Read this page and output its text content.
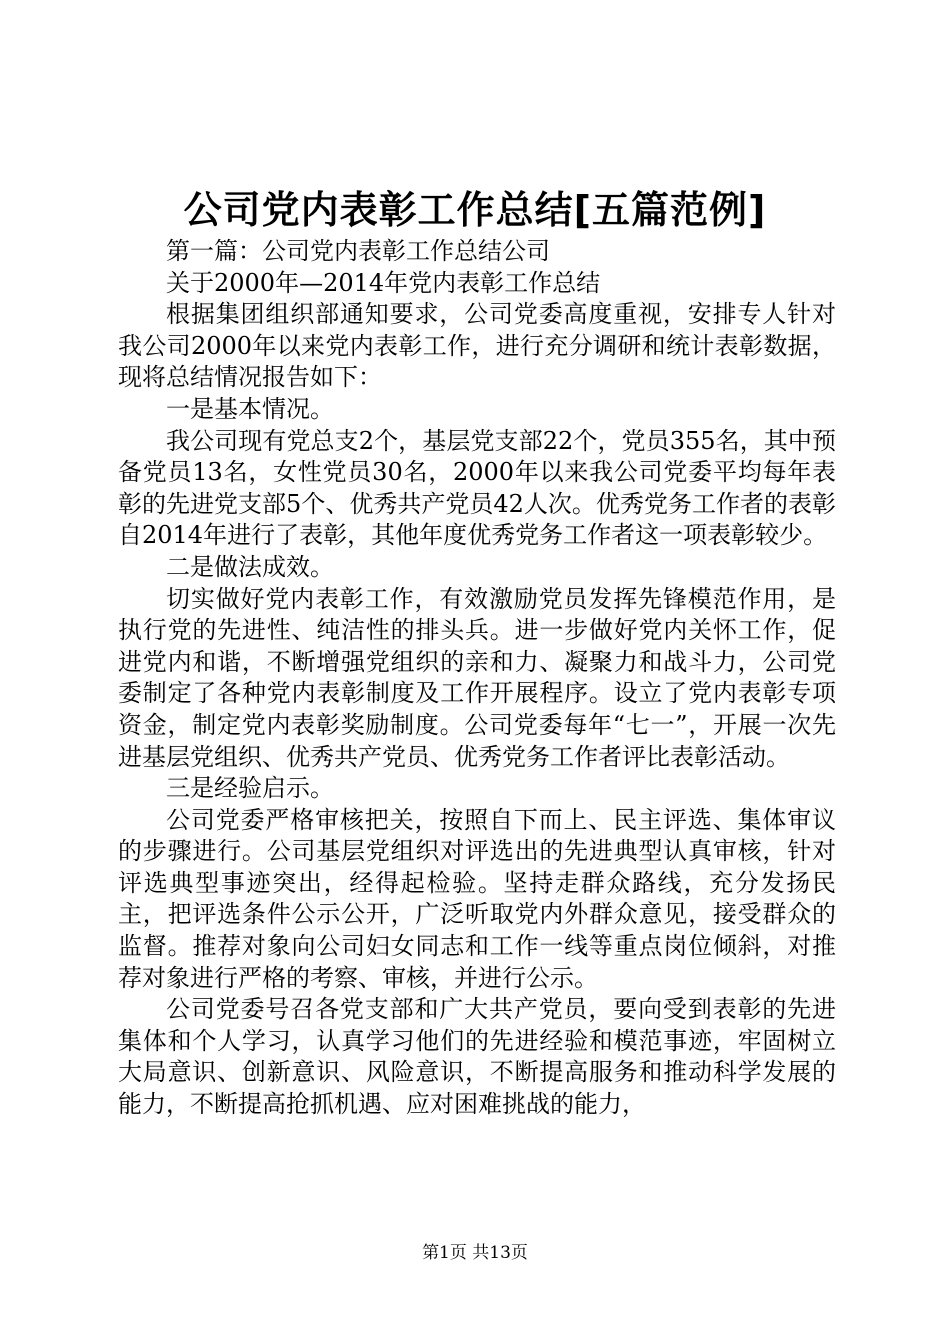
公司党内表彰工作总结[五篇范例]

第一篇：公司党内表彰工作总结公司

关于2000年—2014年党内表彰工作总结

根据集团组织部通知要求，公司党委高度重视，安排专人针对我公司2000年以来党内表彰工作，进行充分调研和统计表彰数据，现将总结情况报告如下：

一是基本情况。

我公司现有党总支2个，基层党支部22个，党员355名，其中预备党员13名，女性党员30名，2000年以来我公司党委平均每年表彰的先进党支部5个、优秀共产党员42人次。优秀党务工作者的表彰自2014年进行了表彰，其他年度优秀党务工作者这一项表彰较少。

二是做法成效。

切实做好党内表彰工作，有效激励党员发挥先锋模范作用，是执行党的先进性、纯洁性的排头兵。进一步做好党内关怀工作，促进党内和谐，不断增强党组织的亲和力、凝聚力和战斗力，公司党委制定了各种党内表彰制度及工作开展程序。设立了党内表彰专项资金，制定党内表彰奖励制度。公司党委每年“七一”，开展一次先进基层党组织、优秀共产党员、优秀党务工作者评比表彰活动。

三是经验启示。

公司党委严格审核把关，按照自下而上、民主评选、集体审议的步骤进行。公司基层党组织对评选出的先进典型认真审核，针对评选典型事迹突出，经得起检验。坚持走群众路线，充分发扬民主，把评选条件公示公开，广泛听取党内外群众意见，接受群众的监督。推荐对象向公司妇女同志和工作一线等重点岗位倾斜，对推荐对象进行严格的考察、审核，并进行公示。

公司党委号召各党支部和广大共产党员，要向受到表彰的先进集体和个人学习，认真学习他们的先进经验和模范事迹，牢固树立大局意识、创新意识、风险意识，不断提高服务和推动科学发展的能力，不断提高抢抓机遇、应对困难挑战的能力，

第1页 共13页
